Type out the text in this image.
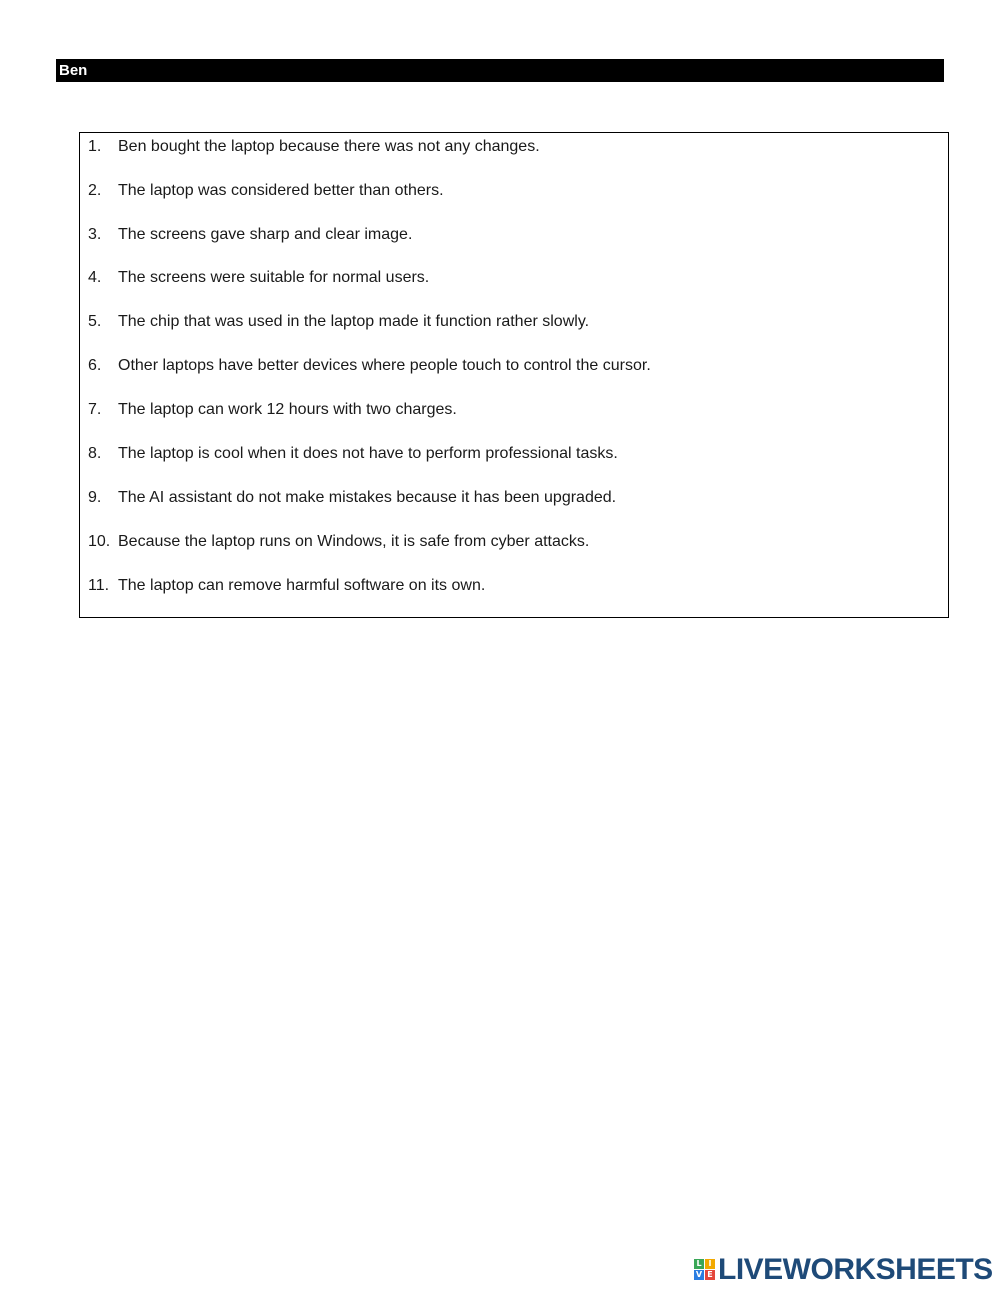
Ben
1. Ben bought the laptop because there was not any changes.
2. The laptop was considered better than others.
3. The screens gave sharp and clear image.
4. The screens were suitable for normal users.
5. The chip that was used in the laptop made it function rather slowly.
6. Other laptops have better devices where people touch to control the cursor.
7. The laptop can work 12 hours with two charges.
8. The laptop is cool when it does not have to perform professional tasks.
9. The AI assistant do not make mistakes because it has been upgraded.
10. Because the laptop runs on Windows, it is safe from cyber attacks.
11. The laptop can remove harmful software on its own.
L I
V E LIVEWORKSHEETS
